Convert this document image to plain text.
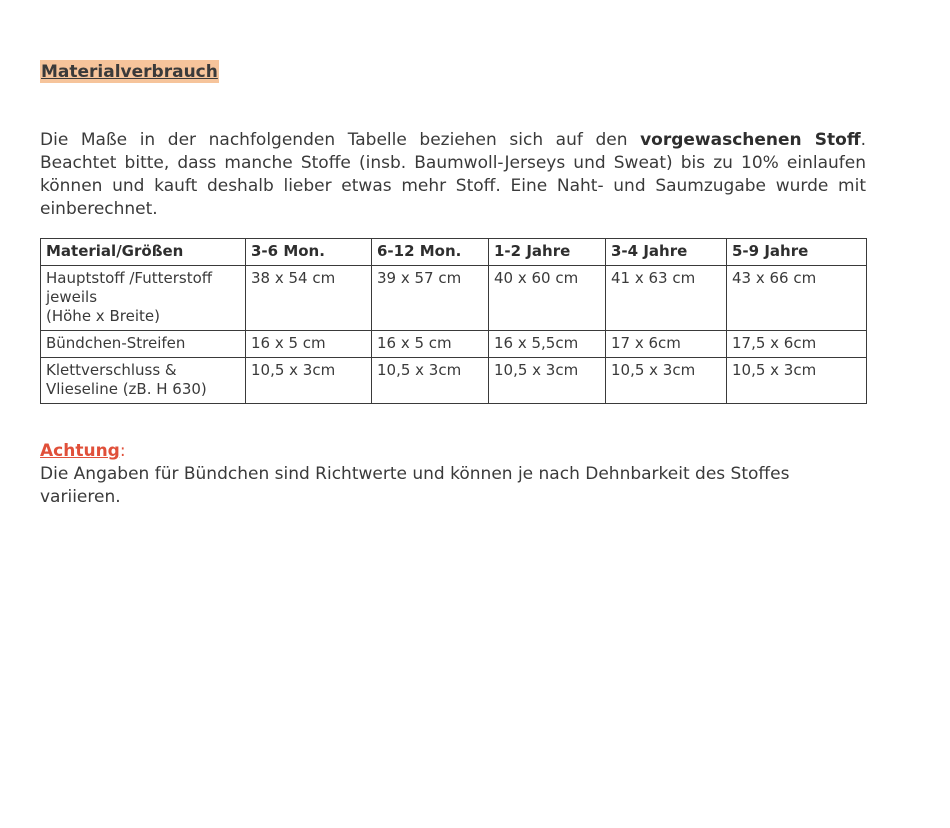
Materialverbrauch

Die Maße in der nachfolgenden Tabelle beziehen sich auf den vorgewaschenen Stoff. Beachtet bitte, dass manche Stoffe (insb. Baumwoll-Jerseys und Sweat) bis zu 10% einlaufen können und kauft deshalb lieber etwas mehr Stoff. Eine Naht- und Saumzugabe wurde mit einberechnet.

Material/Größen	3-6 Mon.	6-12 Mon.	1-2 Jahre	3-4 Jahre	5-9 Jahre

Hauptstoff /Futterstoff jeweils
(Höhe x Breite)	38 x 54 cm	39 x 57 cm	40 x 60 cm	41 x 63 cm	43 x 66 cm

Bündchen-Streifen	16 x 5 cm	16 x 5 cm	16 x 5,5cm	17 x 6cm	17,5 x 6cm

Klettverschluss & Vlieseline (zB. H 630)	10,5 x 3cm	10,5 x 3cm	10,5 x 3cm	10,5 x 3cm	10,5 x 3cm
Achtung:
Die Angaben für Bündchen sind Richtwerte und können je nach Dehnbarkeit des Stoffes variieren.
